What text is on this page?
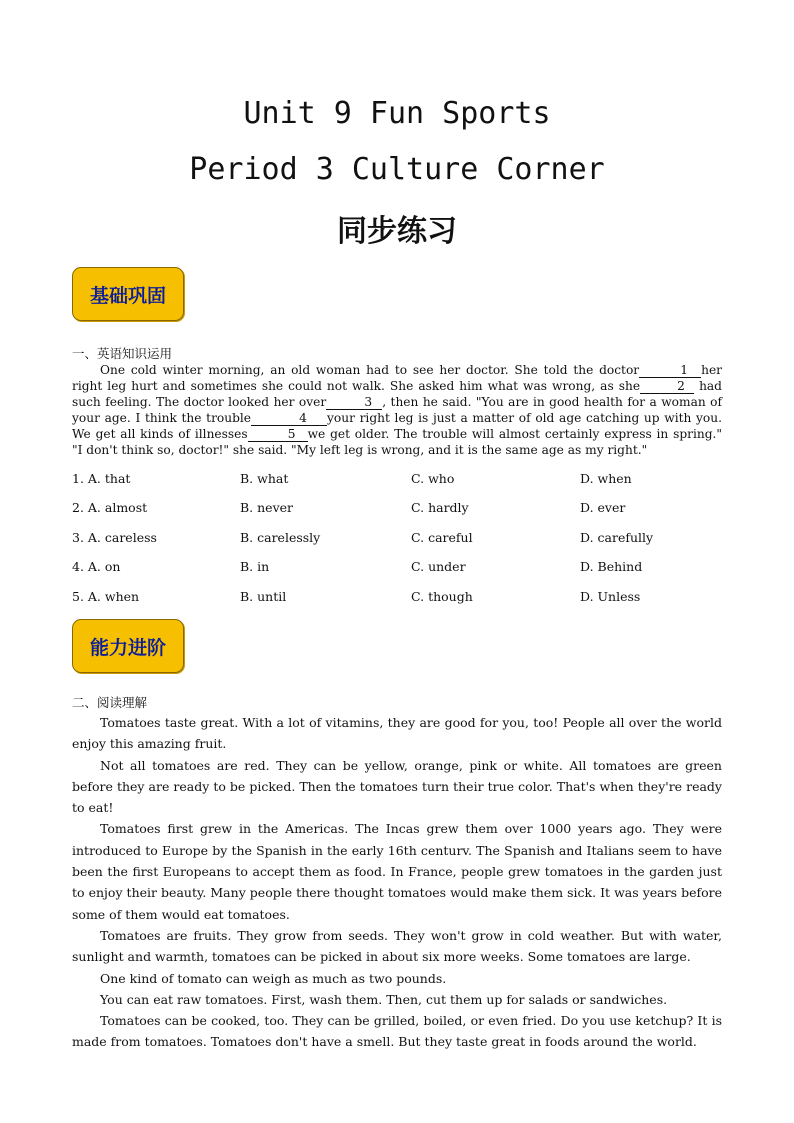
Unit 9 Fun Sports
Period 3 Culture Corner
同步练习
基础巩固
一、英语知识运用

One cold winter morning, an old woman had to see her doctor. She told the doctor	1 her right leg hurt and sometimes she could not walk. She asked him what was wrong, as she	2 had such feeling. The doctor looked her over	3 , then he said. "You are in good health for a woman of your age. I think the trouble	4 your right leg is just a matter of old age catching up with you. We get all kinds of illnesses	5 we get older. The trouble will almost certainly express in spring." "I don't think so, doctor!" she said. "My left leg is wrong, and it is the same age as my right."

1. A. that	B. what	C. who	D. when
2. A. almost	B. never	C. hardly	D. ever
3. A. careless	B. carelessly	C. careful	D. carefully
4. A. on	B. in	C. under	D. Behind
5. A. when	B. until	C. though	D. Unless
能力进阶
二、阅读理解

Tomatoes taste great. With a lot of vitamins, they are good for you, too! People all over the world enjoy this amazing fruit.

Not all tomatoes are red. They can be yellow, orange, pink or white. All tomatoes are green before they are ready to be picked. Then the tomatoes turn their true color. That's when they're ready to eat!

Tomatoes first grew in the Americas. The Incas grew them over 1000 years ago. They were introduced to Europe by the Spanish in the early 16th centurv. The Spanish and Italians seem to have been the first Europeans to accept them as food. In France, people grew tomatoes in the garden just to enjoy their beauty. Many people there thought tomatoes would make them sick. It was years before some of them would eat tomatoes.

Tomatoes are fruits. They grow from seeds. They won't grow in cold weather. But with water, sunlight and warmth, tomatoes can be picked in about six more weeks. Some tomatoes are large.

One kind of tomato can weigh as much as two pounds.

You can eat raw tomatoes. First, wash them. Then, cut them up for salads or sandwiches.

Tomatoes can be cooked, too. They can be grilled, boiled, or even fried. Do you use ketchup? It is made from tomatoes. Tomatoes don't have a smell. But they taste great in foods around the world.
